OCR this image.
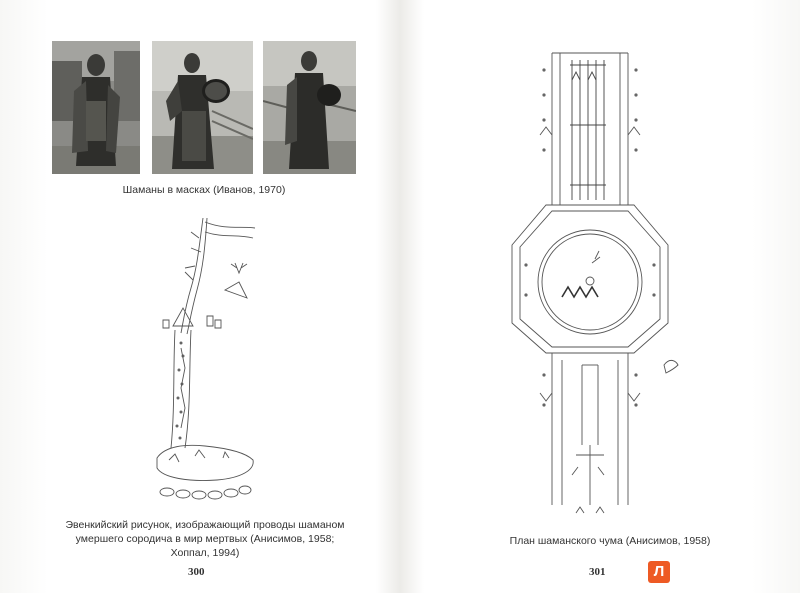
Шаманы в масках (Иванов, 1970)
Эвенкийский рисунок, изображающий проводы шаманом
умершего сородича в мир мертвых (Анисимов, 1958; Хоппал, 1994)
300
План шаманского чума (Анисимов, 1958)
301	Л
